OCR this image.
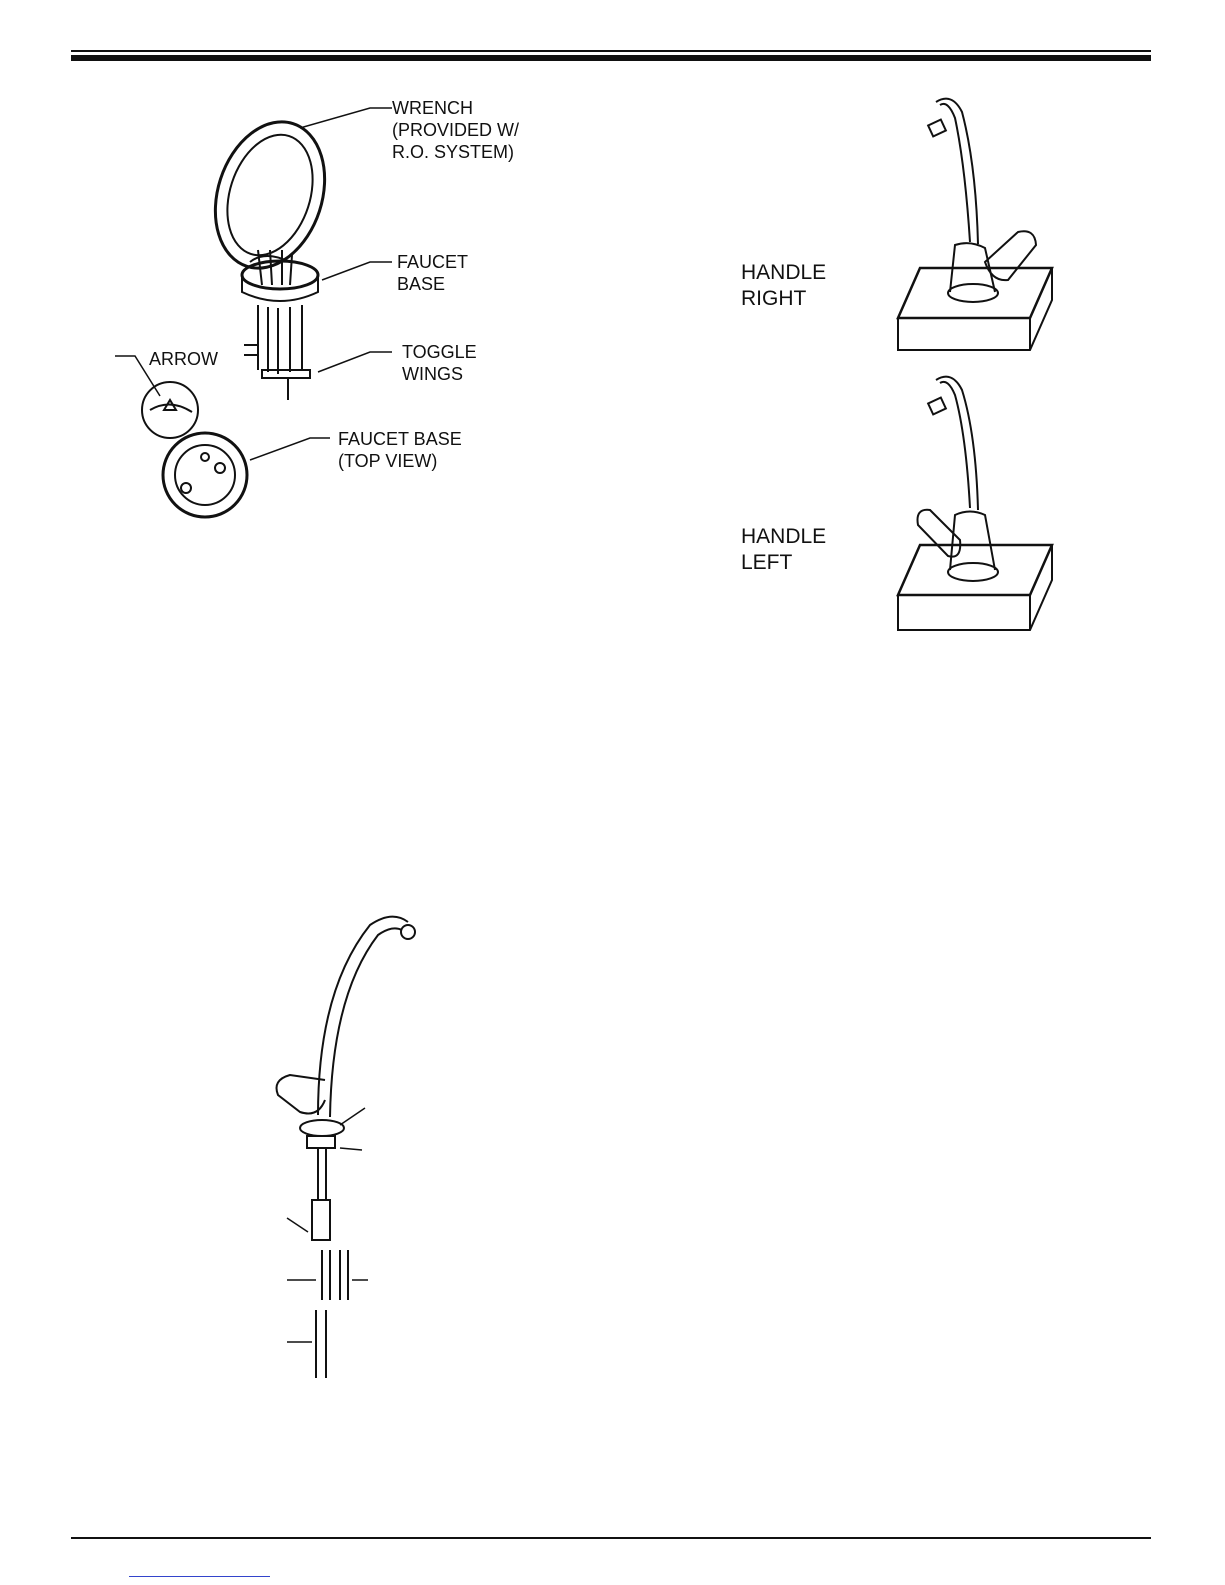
WRENCH
(PROVIDED W/
R.O. SYSTEM)
FAUCET
BASE
TOGGLE
WINGS
ARROW
FAUCET BASE
(TOP VIEW)
HANDLE
RIGHT
HANDLE
LEFT
